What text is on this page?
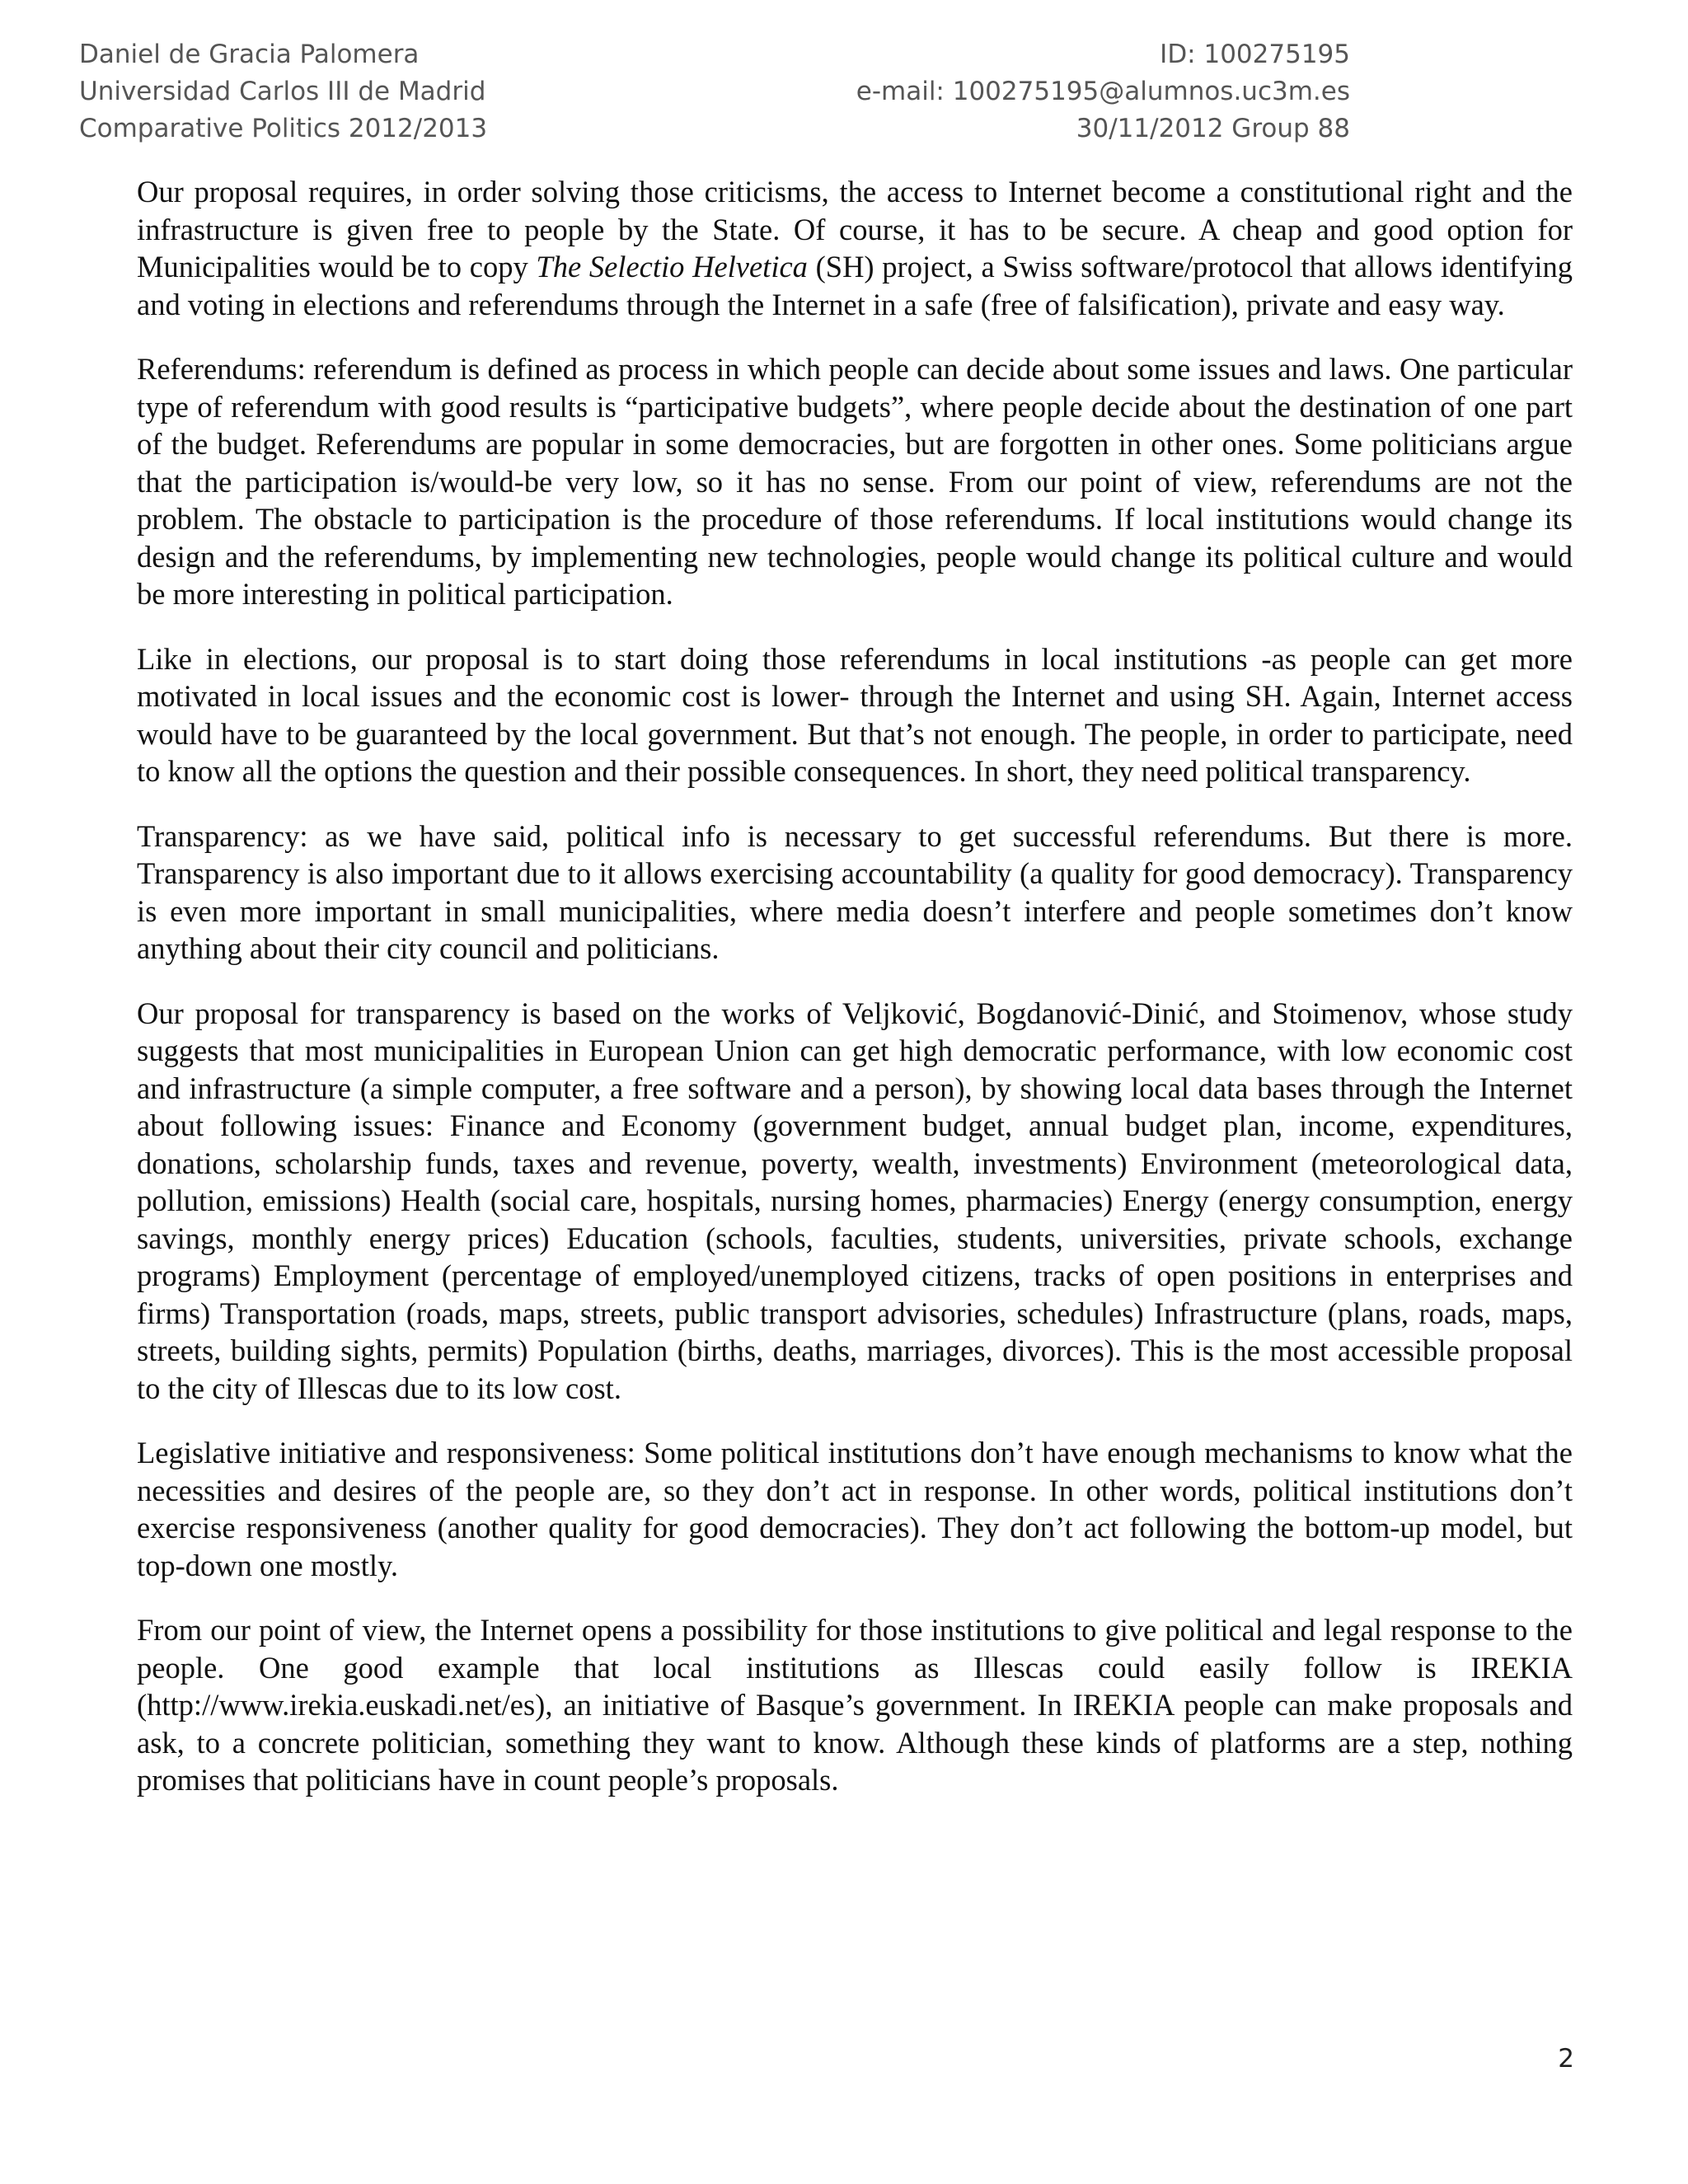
Daniel de Gracia Palomera	ID: 100275195
Universidad Carlos III de Madrid	e-mail: 100275195@alumnos.uc3m.es
Comparative Politics 2012/2013	30/11/2012 Group 88

Our proposal requires, in order solving those criticisms, the access to Internet become a constitutional right and the infrastructure is given free to people by the State. Of course, it has to be secure. A cheap and good option for Municipalities would be to copy The Selectio Helvetica (SH) project, a Swiss software/protocol that allows identifying and voting in elections and referendums through the Internet in a safe (free of falsification), private and easy way.

Referendums: referendum is defined as process in which people can decide about some issues and laws. One particular type of referendum with good results is “participative budgets”, where people decide about the destination of one part of the budget. Referendums are popular in some democracies, but are forgotten in other ones. Some politicians argue that the participation is/would-be very low, so it has no sense. From our point of view, referendums are not the problem. The obstacle to participation is the procedure of those referendums. If local institutions would change its design and the referendums, by implementing new technologies, people would change its political culture and would be more interesting in political participation.

Like in elections, our proposal is to start doing those referendums in local institutions -as people can get more motivated in local issues and the economic cost is lower- through the Internet and using SH. Again, Internet access would have to be guaranteed by the local government. But that’s not enough. The people, in order to participate, need to know all the options the question and their possible consequences. In short, they need political transparency.

Transparency: as we have said, political info is necessary to get successful referendums. But there is more. Transparency is also important due to it allows exercising accountability (a quality for good democracy). Transparency is even more important in small municipalities, where media doesn’t interfere and people sometimes don’t know anything about their city council and politicians.

Our proposal for transparency is based on the works of Veljković, Bogdanović-Dinić, and Stoimenov, whose study suggests that most municipalities in European Union can get high democratic performance, with low economic cost and infrastructure (a simple computer, a free software and a person), by showing local data bases through the Internet about following issues: Finance and Economy (government budget, annual budget plan, income, expenditures, donations, scholarship funds, taxes and revenue, poverty, wealth, investments) Environment (meteorological data, pollution, emissions) Health (social care, hospitals, nursing homes, pharmacies) Energy (energy consumption, energy savings, monthly energy prices) Education (schools, faculties, students, universities, private schools, exchange programs) Employment (percentage of employed/unemployed citizens, tracks of open positions in enterprises and firms) Transportation (roads, maps, streets, public transport advisories, schedules) Infrastructure (plans, roads, maps, streets, building sights, permits) Population (births, deaths, marriages, divorces). This is the most accessible proposal to the city of Illescas due to its low cost.

Legislative initiative and responsiveness: Some political institutions don’t have enough mechanisms to know what the necessities and desires of the people are, so they don’t act in response. In other words, political institutions don’t exercise responsiveness (another quality for good democracies). They don’t act following the bottom-up model, but top-down one mostly.

From our point of view, the Internet opens a possibility for those institutions to give political and legal response to the people. One good example that local institutions as Illescas could easily follow is IREKIA (http://www.irekia.euskadi.net/es), an initiative of Basque’s government. In IREKIA people can make proposals and ask, to a concrete politician, something they want to know. Although these kinds of platforms are a step, nothing promises that politicians have in count people’s proposals.

2
